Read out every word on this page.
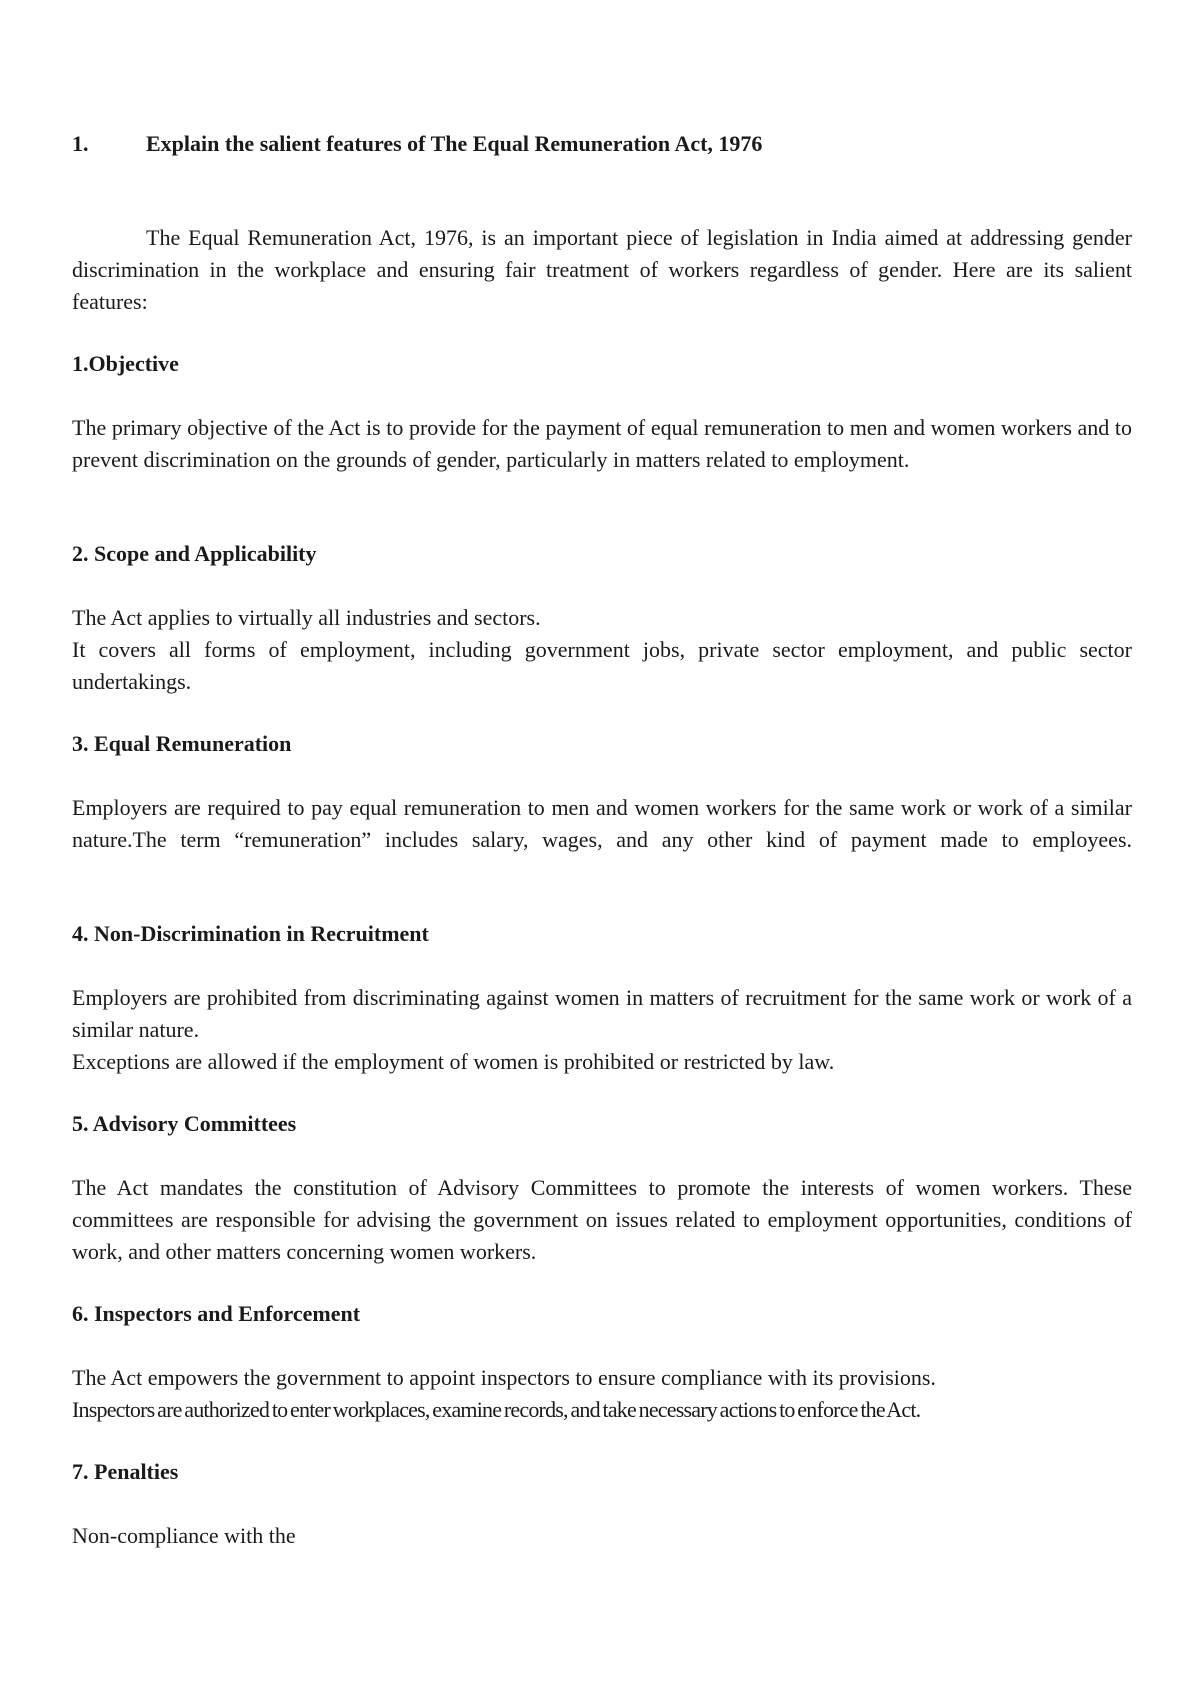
1.	Explain the salient features of The Equal Remuneration Act, 1976

The Equal Remuneration Act, 1976, is an important piece of legislation in India aimed at addressing gender discrimination in the workplace and ensuring fair treatment of workers regardless of gender. Here are its salient features:

1.Objective

The primary objective of the Act is to provide for the payment of equal remuneration to men and women workers and to prevent discrimination on the grounds of gender, particularly in matters related to employment.

2. Scope and Applicability

The Act applies to virtually all industries and sectors.

It covers all forms of employment, including government jobs, private sector employment, and public sector undertakings.

3. Equal Remuneration

Employers are required to pay equal remuneration to men and women workers for the same work or work of a similar nature.The term “remuneration” includes salary, wages, and any other kind of payment made to employees.

4. Non-Discrimination in Recruitment

Employers are prohibited from discriminating against women in matters of recruitment for the same work or work of a similar nature.

Exceptions are allowed if the employment of women is prohibited or restricted by law.

5. Advisory Committees

The Act mandates the constitution of Advisory Committees to promote the interests of women workers. These committees are responsible for advising the government on issues related to employment opportunities, conditions of work, and other matters concerning women workers.

6. Inspectors and Enforcement

The Act empowers the government to appoint inspectors to ensure compliance with its provisions.

Inspectors are authorized to enter workplaces, examine records, and take necessary actions to enforce the Act.

7. Penalties

Non-compliance with the
